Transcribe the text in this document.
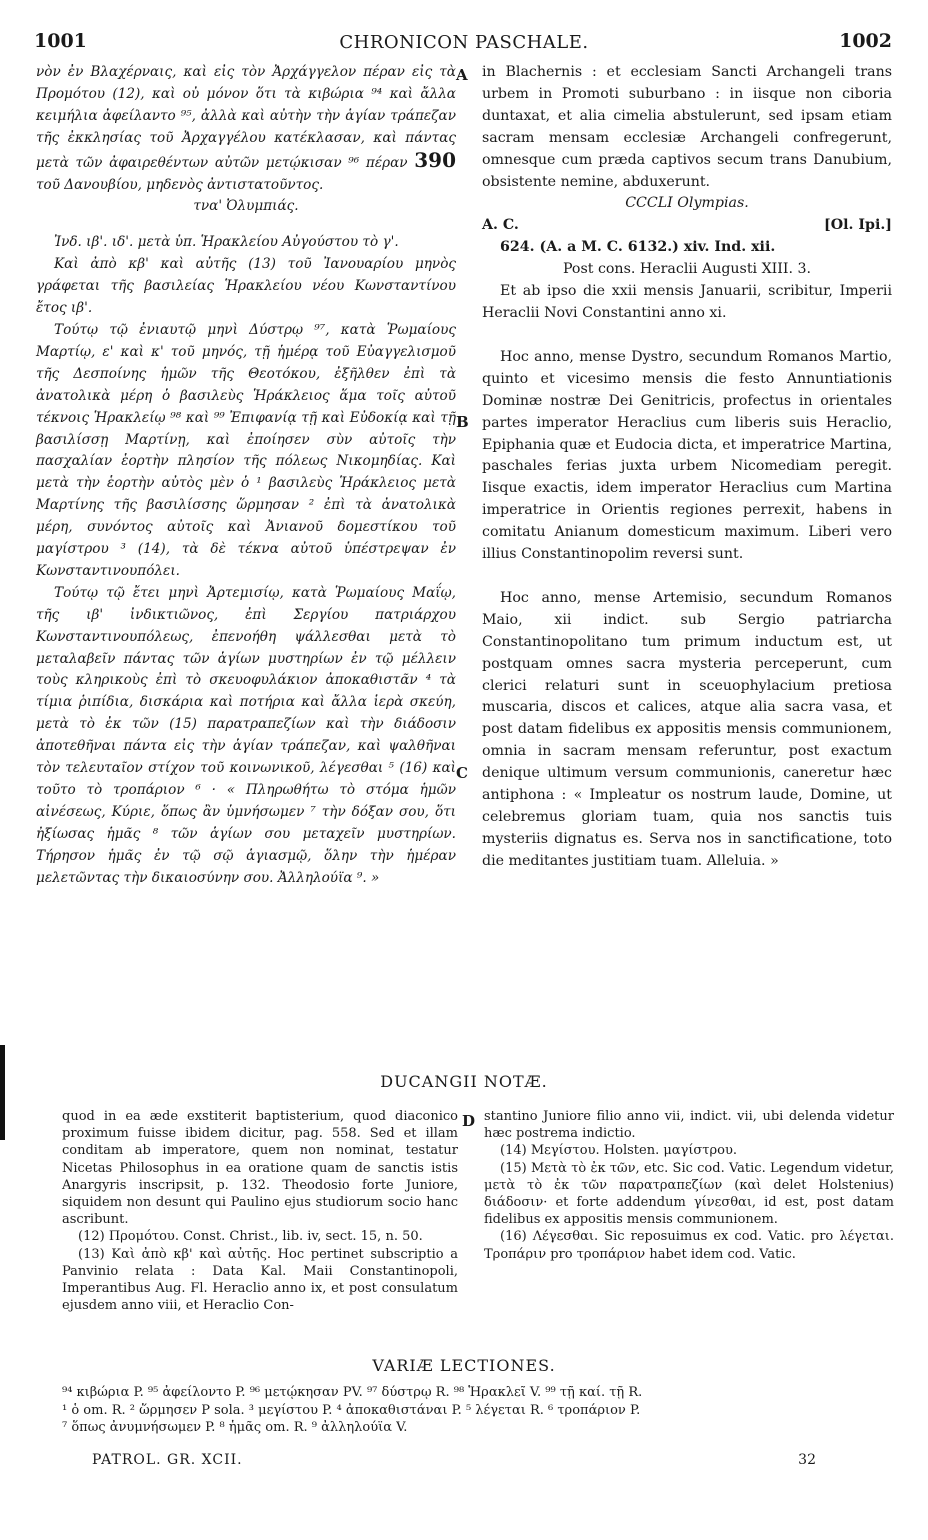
1001	CHRONICON PASCHALE.	1002
A
B
C
D

νὸν ἐν Βλαχέρναις, καὶ εἰς τὸν Ἀρχάγγελον πέραν εἰς τὰ Προμότου (12), καὶ οὐ μόνον ὅτι τὰ κιβώρια ⁹⁴ καὶ ἄλλα κειμήλια ἀφείλαντο ⁹⁵, ἀλλὰ καὶ αὐτὴν τὴν ἁγίαν τράπεζαν τῆς ἐκκλησίας τοῦ Ἀρχαγγέλου κατέκλασαν, καὶ πάντας μετὰ τῶν ἀφαιρεθέντων αὐτῶν μετῴκισαν ⁹⁶ πέραν 390 τοῦ Δανουβίου, μηδενὸς ἀντιστατοῦντος.

τνα' Ὀλυμπιάς.

Ἰνδ. ιβ'. ιδ'. μετὰ ὑπ. Ἡρακλείου Αὐγούστου τὸ γ'.

Καὶ ἀπὸ κβ' καὶ αὐτῆς (13) τοῦ Ἰανουαρίου μηνὸς γράφεται τῆς βασιλείας Ἡρακλείου νέου Κωνσταντίνου ἔτος ιβ'.

Τούτῳ τῷ ἐνιαυτῷ μηνὶ Δύστρῳ ⁹⁷, κατὰ Ῥωμαίους Μαρτίῳ, ε' καὶ κ' τοῦ μηνός, τῇ ἡμέρᾳ τοῦ Εὐαγγελισμοῦ τῆς Δεσποίνης ἡμῶν τῆς Θεοτόκου, ἐξῆλθεν ἐπὶ τὰ ἀνατολικὰ μέρη ὁ βασιλεὺς Ἡράκλειος ἅμα τοῖς αὐτοῦ τέκνοις Ἡρακλείῳ ⁹⁸ καὶ ⁹⁹ Ἐπιφανίᾳ τῇ καὶ Εὐδοκίᾳ καὶ τῇ βασιλίσσῃ Μαρτίνῃ, καὶ ἐποίησεν σὺν αὐτοῖς τὴν πασχαλίαν ἑορτὴν πλησίον τῆς πόλεως Νικομηδίας. Καὶ μετὰ τὴν ἑορτὴν αὐτὸς μὲν ὁ ¹ βασιλεὺς Ἡράκλειος μετὰ Μαρτίνης τῆς βασιλίσσης ὥρμησαν ² ἐπὶ τὰ ἀνατολικὰ μέρη, συνόντος αὐτοῖς καὶ Ἀνιανοῦ δομεστίκου τοῦ μαγίστρου ³ (14), τὰ δὲ τέκνα αὐτοῦ ὑπέστρεψαν ἐν Κωνσταντινουπόλει.

Τούτῳ τῷ ἔτει μηνὶ Ἀρτεμισίῳ, κατὰ Ῥωμαίους Μαΐῳ, τῆς ιβ' ἰνδικτιῶνος, ἐπὶ Σεργίου πατριάρχου Κωνσταντινουπόλεως, ἐπενοήθη ψάλλεσθαι μετὰ τὸ μεταλαβεῖν πάντας τῶν ἁγίων μυστηρίων ἐν τῷ μέλλειν τοὺς κληρικοὺς ἐπὶ τὸ σκευοφυλάκιον ἀποκαθιστᾶν ⁴ τὰ τίμια ῥιπίδια, δισκάρια καὶ ποτήρια καὶ ἄλλα ἱερὰ σκεύη, μετὰ τὸ ἐκ τῶν (15) παρατραπεζίων καὶ τὴν διάδοσιν ἀποτεθῆναι πάντα εἰς τὴν ἁγίαν τράπεζαν, καὶ ψαλθῆναι τὸν τελευταῖον στίχον τοῦ κοινωνικοῦ, λέγεσθαι ⁵ (16) καὶ τοῦτο τὸ τροπάριον ⁶ · « Πληρωθήτω τὸ στόμα ἡμῶν αἰνέσεως, Κύριε, ὅπως ἂν ὑμνήσωμεν ⁷ τὴν δόξαν σου, ὅτι ἠξίωσας ἡμᾶς ⁸ τῶν ἁγίων σου μεταχεῖν μυστηρίων. Τήρησον ἡμᾶς ἐν τῷ σῷ ἁγιασμῷ, ὅλην τὴν ἡμέραν μελετῶντας τὴν δικαιοσύνην σου. Ἀλληλούϊα ⁹. »

in Blachernis : et ecclesiam Sancti Archangeli trans urbem in Promoti suburbano : in iisque non ciboria duntaxat, et alia cimelia abstulerunt, sed ipsam etiam sacram mensam ecclesiæ Archangeli confregerunt, omnesque cum præda captivos secum trans Danubium, obsistente nemine, abduxerunt.

CCCLI Olympias.

A. C.	[Ol. Ipi.]

624. (A. a M. C. 6132.) xiv. Ind. xii.

Post cons. Heraclii Augusti XIII. 3.

Et ab ipso die xxii mensis Januarii, scribitur, Imperii Heraclii Novi Constantini anno xi.

Hoc anno, mense Dystro, secundum Romanos Martio, quinto et vicesimo mensis die festo Annuntiationis Dominæ nostræ Dei Genitricis, profectus in orientales partes imperator Heraclius cum liberis suis Heraclio, Epiphania quæ et Eudocia dicta, et imperatrice Martina, paschales ferias juxta urbem Nicomediam peregit. Iisque exactis, idem imperator Heraclius cum Martina imperatrice in Orientis regiones perrexit, habens in comitatu Anianum domesticum maximum. Liberi vero illius Constantinopolim reversi sunt.

Hoc anno, mense Artemisio, secundum Romanos Maio, xii indict. sub Sergio patriarcha Constantinopolitano tum primum inductum est, ut postquam omnes sacra mysteria perceperunt, cum clerici relaturi sunt in sceuophylacium pretiosa muscaria, discos et calices, atque alia sacra vasa, et post datam fidelibus ex appositis mensis communionem, omnia in sacram mensam referuntur, post exactum denique ultimum versum communionis, caneretur hæc antiphona : « Impleatur os nostrum laude, Domine, ut celebremus gloriam tuam, quia nos sanctis tuis mysteriis dignatus es. Serva nos in sanctificatione, toto die meditantes justitiam tuam. Alleluia. »

DUCANGII NOTÆ.

quod in ea æde exstiterit baptisterium, quod diaconico proximum fuisse ibidem dicitur, pag. 558. Sed et illam conditam ab imperatore, quem non nominat, testatur Nicetas Philosophus in ea oratione quam de sanctis istis Anargyris inscripsit, p. 132. Theodosio forte Juniore, siquidem non desunt qui Paulino ejus studiorum socio hanc ascribunt.

(12) Προμότου. Const. Christ., lib. iv, sect. 15, n. 50.

(13) Καὶ ἀπὸ κβ' καὶ αὐτῆς. Hoc pertinet subscriptio a Panvinio relata : Data Kal. Maii Constantinopoli, Imperantibus Aug. Fl. Heraclio anno ix, et post consulatum ejusdem anno viii, et Heraclio Con-

stantino Juniore filio anno vii, indict. vii, ubi delenda videtur hæc postrema indictio.

(14) Μεγίστου. Holsten. μαγίστρου.

(15) Μετὰ τὸ ἐκ τῶν, etc. Sic cod. Vatic. Legendum videtur, μετὰ τὸ ἐκ τῶν παρατραπεζίων (καὶ delet Holstenius) διάδοσιν· et forte addendum γίνεσθαι, id est, post datam fidelibus ex appositis mensis communionem.

(16) Λέγεσθαι. Sic reposuimus ex cod. Vatic. pro λέγεται. Τροπάριν pro τροπάριον habet idem cod. Vatic.

VARIÆ LECTIONES.

⁹⁴ κιβώρια P. ⁹⁵ ἀφείλοντο P. ⁹⁶ μετῴκησαν PV. ⁹⁷ δύστρῳ R. ⁹⁸ Ἡρακλεῖ V. ⁹⁹ τῇ καί. τῇ R.

¹ ὁ om. R. ² ὥρμησεν P sola. ³ μεγίστου P. ⁴ ἀποκαθιστάναι P. ⁵ λέγεται R. ⁶ τροπάριον P.

⁷ ὅπως ἀνυμνήσωμεν P. ⁸ ἡμᾶς om. R. ⁹ ἀλληλούϊα V.

PATROL. GR. XCII.	32
